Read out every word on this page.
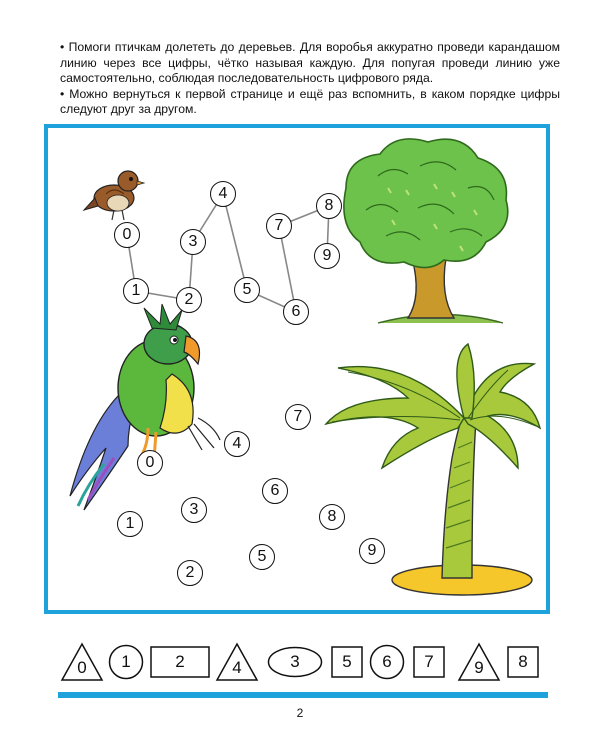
• Помоги птичкам долететь до деревьев. Для воробья аккуратно проведи карандашом линию через все цифры, чётко называя каждую. Для попугая проведи линию уже самостоятельно, соблюдая последовательность цифрового ряда.

• Можно вернуться к первой странице и ещё раз вспомнить, в каком порядке цифры следуют друг за другом.

0
1
2
3
4
5
6
7
8
9
0
1
2
3
4
5
6
7
8
9
0 1	2	4	3	5 6 7 9 8
2
